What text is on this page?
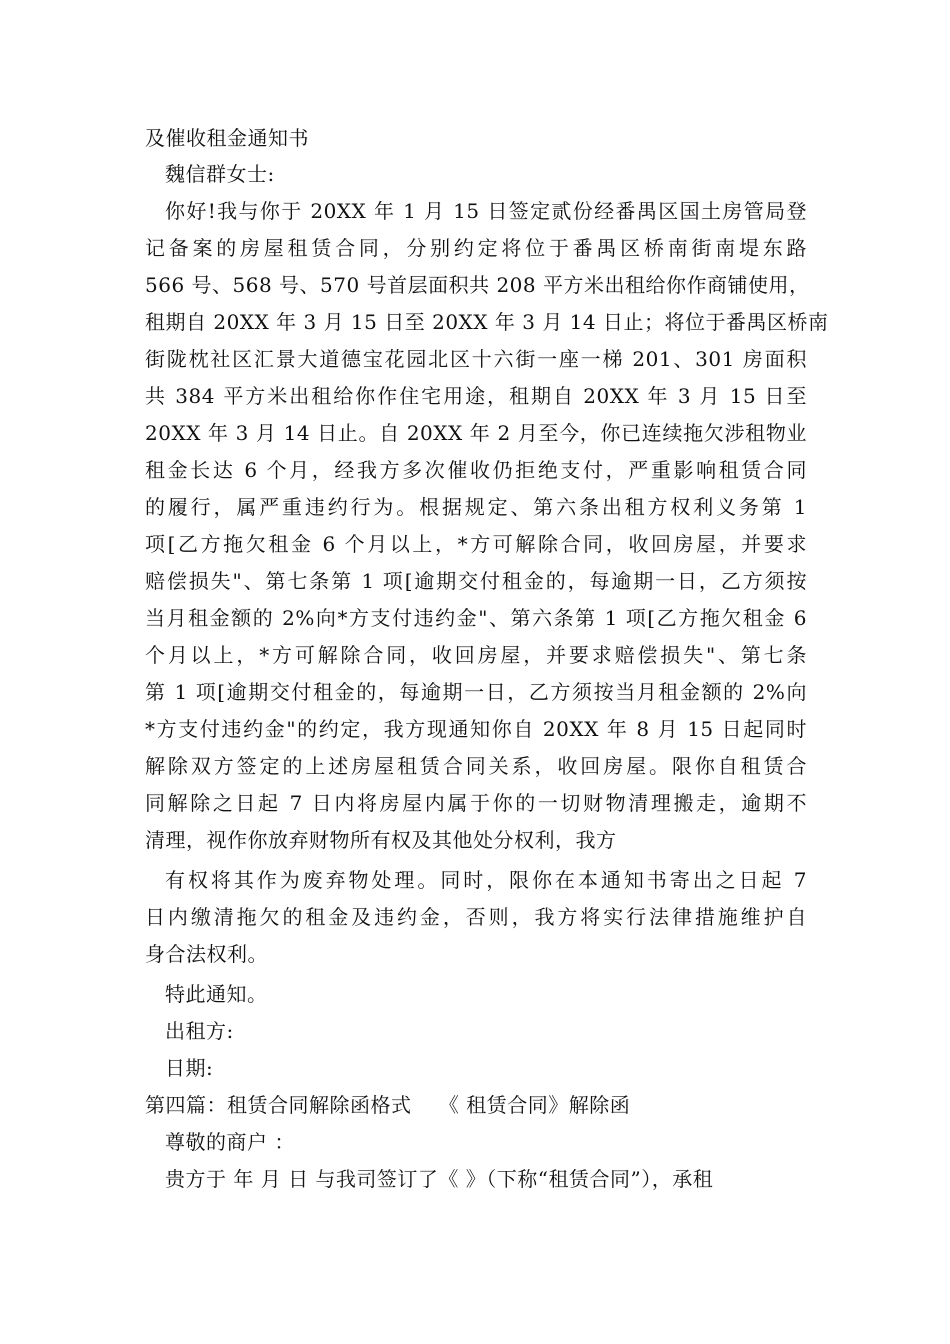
及催收租金通知书
魏信群女士:
你好!我与你于 20XX 年 1 月 15 日签定贰份经番禺区国土房管局登
记备案的房屋租赁合同，分别约定将位于番禺区桥南街南堤东路
566 号、568 号、570 号首层面积共 208 平方米出租给你作商铺使用，
租期自 20XX 年 3 月 15 日至 20XX 年 3 月 14 日止；将位于番禺区桥南
街陇枕社区汇景大道德宝花园北区十六街一座一梯 201、301 房面积
共 384 平方米出租给你作住宅用途，租期自 20XX 年 3 月 15 日至
20XX 年 3 月 14 日止。自 20XX 年 2 月至今，你已连续拖欠涉租物业
租金长达 6 个月，经我方多次催收仍拒绝支付，严重影响租赁合同
的履行，属严重违约行为。根据规定、第六条出租方权利义务第 1
项[乙方拖欠租金 6 个月以上，*方可解除合同，收回房屋，并要求
赔偿损失"、第七条第 1 项[逾期交付租金的，每逾期一日，乙方须按
当月租金额的 2%向*方支付违约金"、第六条第 1 项[乙方拖欠租金 6
个月以上，*方可解除合同，收回房屋，并要求赔偿损失"、第七条
第 1 项[逾期交付租金的，每逾期一日，乙方须按当月租金额的 2%向
*方支付违约金"的约定，我方现通知你自 20XX 年 8 月 15 日起同时
解除双方签定的上述房屋租赁合同关系，收回房屋。限你自租赁合
同解除之日起 7 日内将房屋内属于你的一切财物清理搬走，逾期不
清理，视作你放弃财物所有权及其他处分权利，我方
有权将其作为废弃物处理。同时，限你在本通知书寄出之日起 7
日内缴清拖欠的租金及违约金，否则，我方将实行法律措施维护自
身合法权利。
特此通知。
出租方:
日期:
第四篇：租赁合同解除函格式　 《 租赁合同》解除函
尊敬的商户 ：
贵方于 年 月 日 与我司签订了《 》（下称“租赁合同”），承租
